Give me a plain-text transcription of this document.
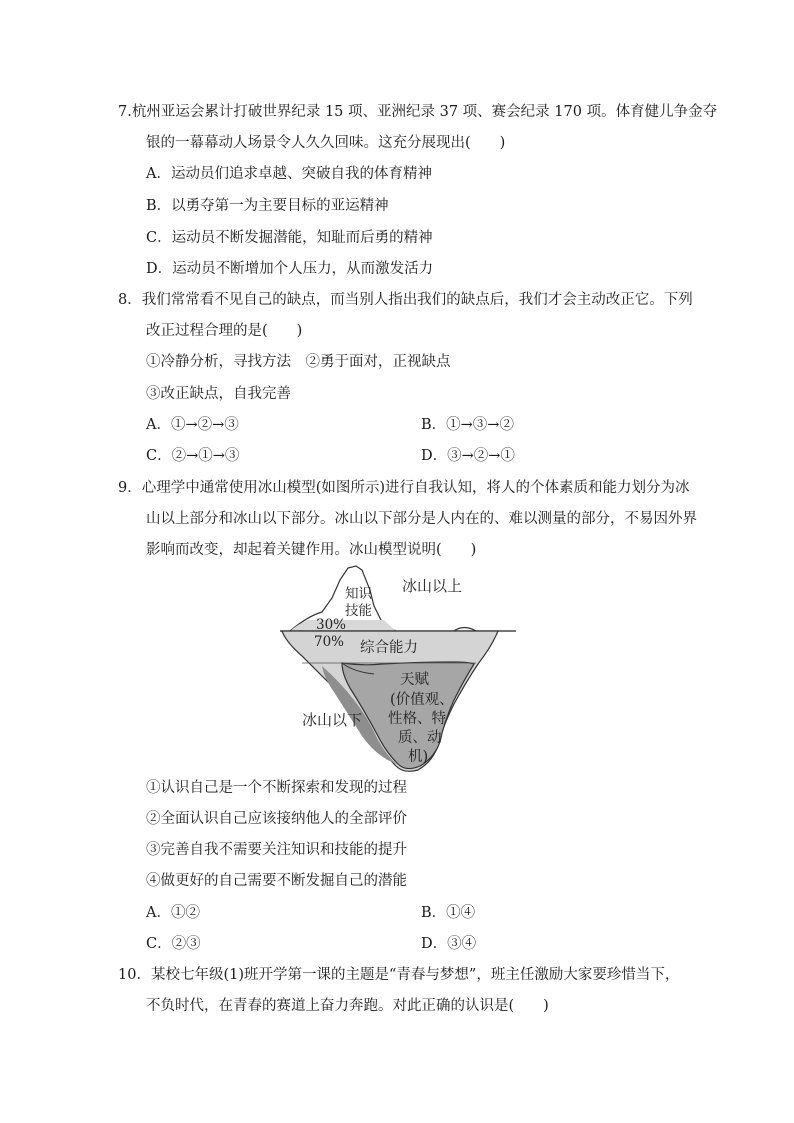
7.杭州亚运会累计打破世界纪录 15 项、亚洲纪录 37 项、赛会纪录 170 项。体育健儿争金夺
银的一幕幕动人场景令人久久回味。这充分展现出(　　)
A．运动员们追求卓越、突破自我的体育精神
B．以勇夺第一为主要目标的亚运精神
C．运动员不断发掘潜能，知耻而后勇的精神
D．运动员不断增加个人压力，从而激发活力
8．我们常常看不见自己的缺点，而当别人指出我们的缺点后，我们才会主动改正它。下列
改正过程合理的是(　　)
①冷静分析，寻找方法　②勇于面对，正视缺点
③改正缺点，自我完善
A．①→②→③	B．①→③→②
C．②→①→③	D．③→②→①
9．心理学中通常使用冰山模型(如图所示)进行自我认知，将人的个体素质和能力划分为冰
山以上部分和冰山以下部分。冰山以下部分是人内在的、难以测量的部分，不易因外界
影响而改变，却起着关键作用。冰山模型说明(　　)
冰山以上
冰山以下
知识
技能
30%
70% 综合能力
天赋
(价值观、
性格、特
质、动
机)
①认识自己是一个不断探索和发现的过程
②全面认识自己应该接纳他人的全部评价
③完善自我不需要关注知识和技能的提升
④做更好的自己需要不断发掘自己的潜能
A．①②	B．①④
C．②③	D．③④
10．某校七年级(1)班开学第一课的主题是“青春与梦想”，班主任激励大家要珍惜当下，
不负时代，在青春的赛道上奋力奔跑。对此正确的认识是(　　)
